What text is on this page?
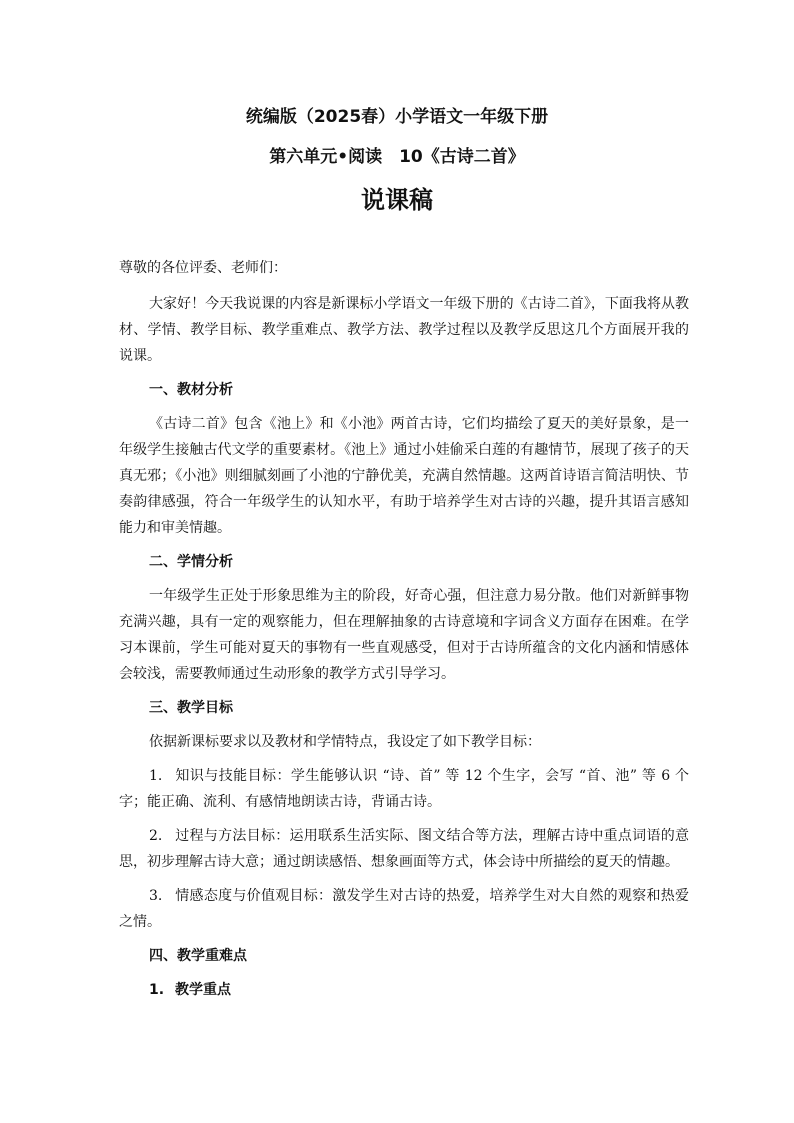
统编版（2025春）小学语文一年级下册
第六单元•阅读　10《古诗二首》
说课稿

尊敬的各位评委、老师们：

大家好！今天我说课的内容是新课标小学语文一年级下册的《古诗二首》，下面我将从教材、学情、教学目标、教学重难点、教学方法、教学过程以及教学反思这几个方面展开我的说课。

一、教材分析

《古诗二首》包含《池上》和《小池》两首古诗，它们均描绘了夏天的美好景象，是一年级学生接触古代文学的重要素材。《池上》通过小娃偷采白莲的有趣情节，展现了孩子的天真无邪；《小池》则细腻刻画了小池的宁静优美，充满自然情趣。这两首诗语言简洁明快、节奏韵律感强，符合一年级学生的认知水平，有助于培养学生对古诗的兴趣，提升其语言感知能力和审美情趣。

二、学情分析

一年级学生正处于形象思维为主的阶段，好奇心强，但注意力易分散。他们对新鲜事物充满兴趣，具有一定的观察能力，但在理解抽象的古诗意境和字词含义方面存在困难。在学习本课前，学生可能对夏天的事物有一些直观感受，但对于古诗所蕴含的文化内涵和情感体会较浅，需要教师通过生动形象的教学方式引导学习。

三、教学目标

依据新课标要求以及教材和学情特点，我设定了如下教学目标：

1. 知识与技能目标：学生能够认识 “诗、首” 等 12 个生字，会写 “首、池” 等 6 个字；能正确、流利、有感情地朗读古诗，背诵古诗。

2. 过程与方法目标：运用联系生活实际、图文结合等方法，理解古诗中重点词语的意思，初步理解古诗大意；通过朗读感悟、想象画面等方式，体会诗中所描绘的夏天的情趣。

3. 情感态度与价值观目标：激发学生对古诗的热爱，培养学生对大自然的观察和热爱之情。

四、教学重难点

1. 教学重点
